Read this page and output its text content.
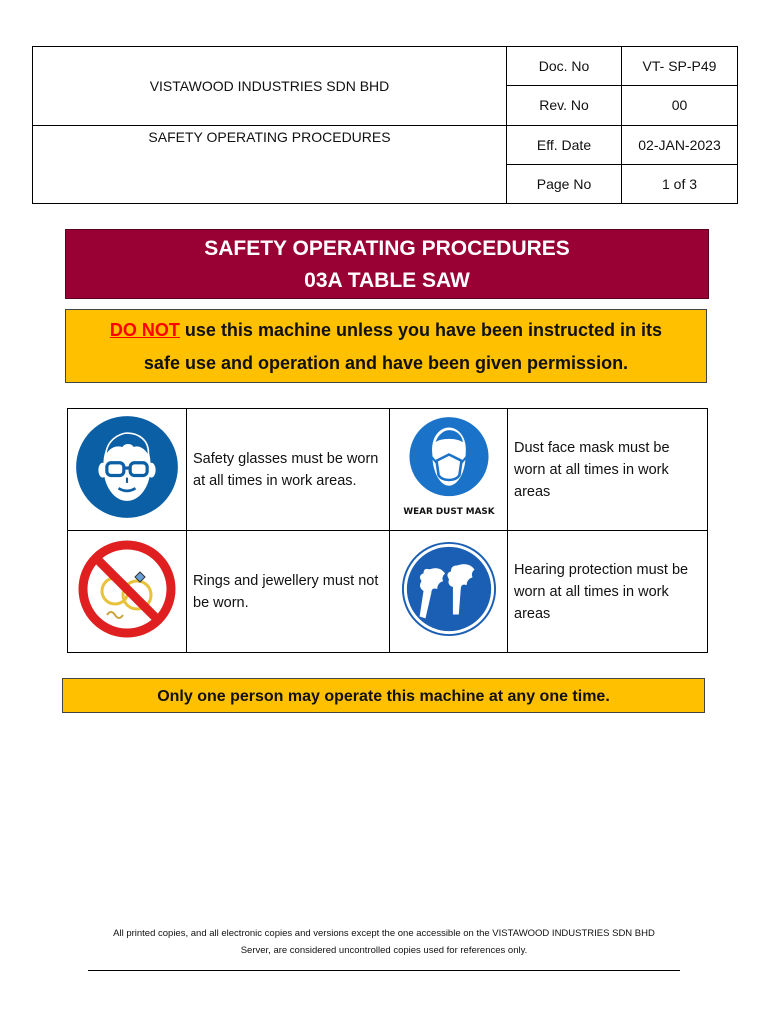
VISTAWOOD INDUSTRIES SDN BHD	Doc. No	VT- SP-P49
	Rev. No	00
SAFETY OPERATING PROCEDURES	Eff. Date	02-JAN-2023
	Page No	1 of 3
SAFETY OPERATING PROCEDURES
03A TABLE SAW
DO NOT use this machine unless you have been instructed in its
safe use and operation and have been given permission.
	Safety glasses must be worn at all times in work areas.	WEAR DUST MASK	Dust face mask must be worn at all times in work areas
	Rings and jewellery must not be worn.		Hearing protection must be worn at all times in work areas
Only one person may operate this machine at any one time.
All printed copies, and all electronic copies and versions except the one accessible on the VISTAWOOD INDUSTRIES SDN BHD
Server, are considered uncontrolled copies used for references only.
